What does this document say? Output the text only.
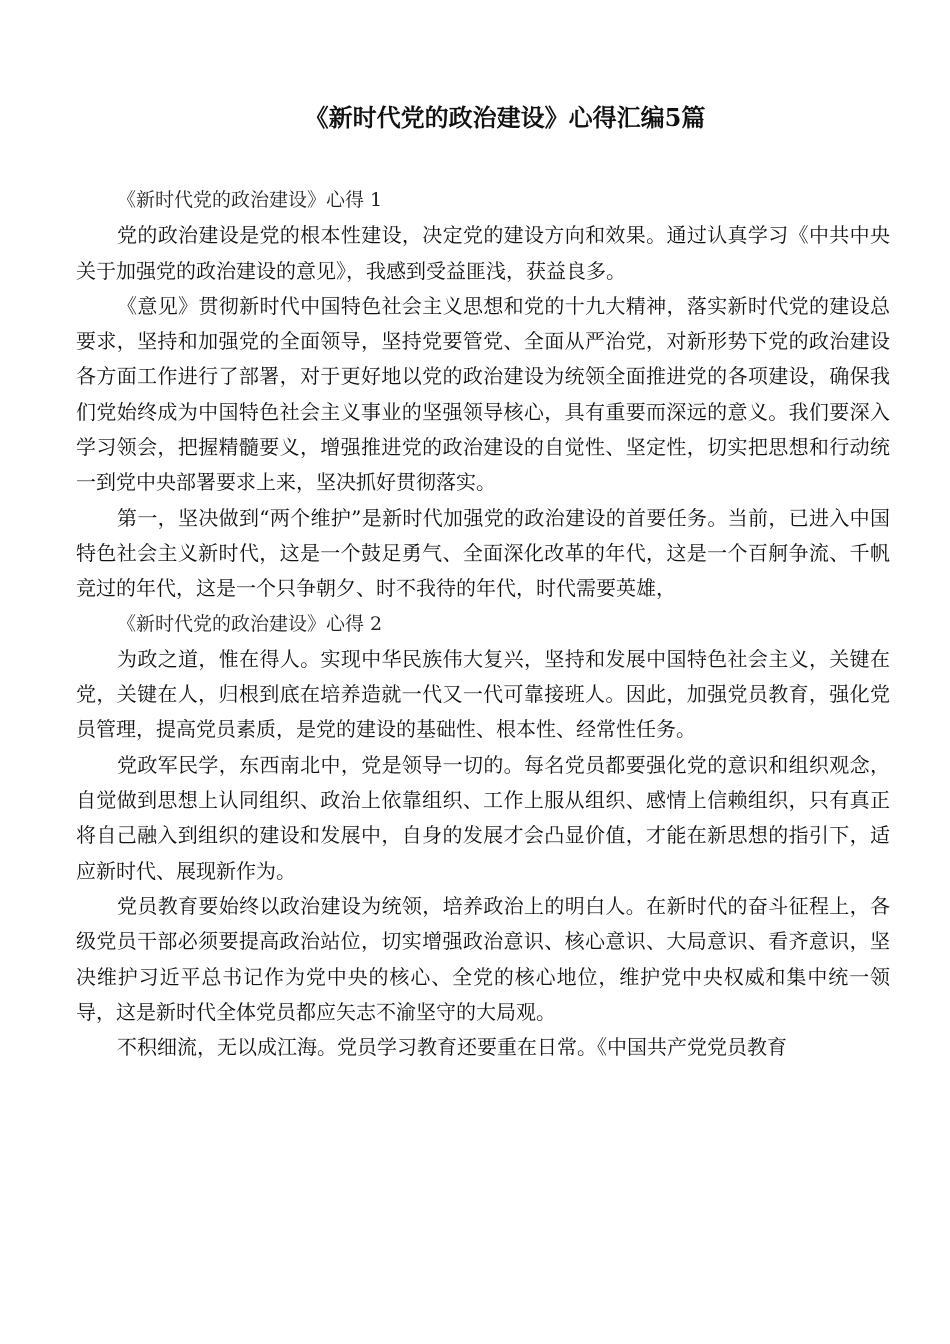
《新时代党的政治建设》心得汇编5篇

《新时代党的政治建设》心得 1

党的政治建设是党的根本性建设，决定党的建设方向和效果。通过认真学习《中共中央关于加强党的政治建设的意见》，我感到受益匪浅，获益良多。

《意见》贯彻新时代中国特色社会主义思想和党的十九大精神，落实新时代党的建设总要求，坚持和加强党的全面领导，坚持党要管党、全面从严治党，对新形势下党的政治建设各方面工作进行了部署，对于更好地以党的政治建设为统领全面推进党的各项建设，确保我们党始终成为中国特色社会主义事业的坚强领导核心，具有重要而深远的意义。我们要深入学习领会，把握精髓要义，增强推进党的政治建设的自觉性、坚定性，切实把思想和行动统一到党中央部署要求上来，坚决抓好贯彻落实。

第一，坚决做到“两个维护”是新时代加强党的政治建设的首要任务。当前，已进入中国特色社会主义新时代，这是一个鼓足勇气、全面深化改革的年代，这是一个百舸争流、千帆竞过的年代，这是一个只争朝夕、时不我待的年代，时代需要英雄，

《新时代党的政治建设》心得 2

为政之道，惟在得人。实现中华民族伟大复兴，坚持和发展中国特色社会主义，关键在党，关键在人，归根到底在培养造就一代又一代可靠接班人。因此，加强党员教育，强化党员管理，提高党员素质，是党的建设的基础性、根本性、经常性任务。

党政军民学，东西南北中，党是领导一切的。每名党员都要强化党的意识和组织观念，自觉做到思想上认同组织、政治上依靠组织、工作上服从组织、感情上信赖组织，只有真正将自己融入到组织的建设和发展中，自身的发展才会凸显价值，才能在新思想的指引下，适应新时代、展现新作为。

党员教育要始终以政治建设为统领，培养政治上的明白人。在新时代的奋斗征程上，各级党员干部必须要提高政治站位，切实增强政治意识、核心意识、大局意识、看齐意识，坚决维护习近平总书记作为党中央的核心、全党的核心地位，维护党中央权威和集中统一领导，这是新时代全体党员都应矢志不渝坚守的大局观。

不积细流，无以成江海。党员学习教育还要重在日常。《中国共产党党员教育
